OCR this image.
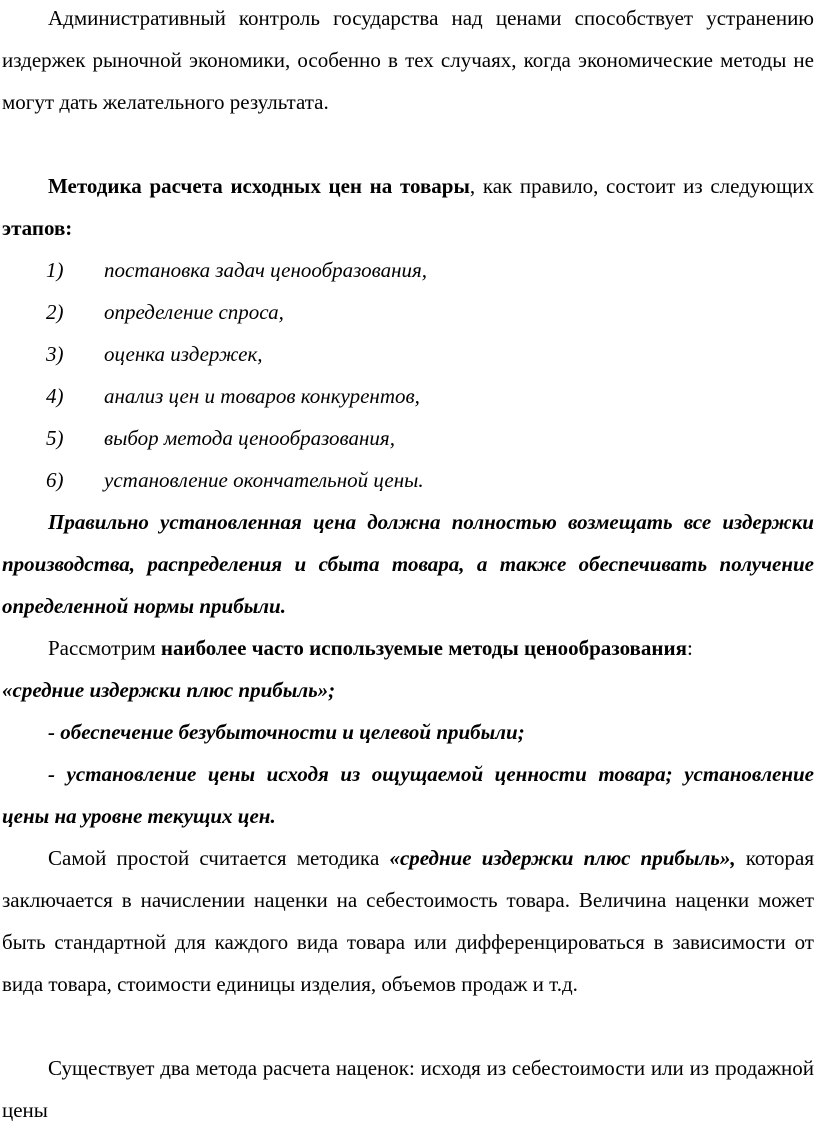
Административный контроль государства над ценами способствует устранению издержек рыночной экономики, особенно в тех случаях, когда экономические методы не могут дать желательного результата.
Методика расчета исходных цен на товары, как правило, состоит из следующих этапов:
1) постановка задач ценообразования,
2) определение спроса,
3) оценка издержек,
4) анализ цен и товаров конкурентов,
5) выбор метода ценообразования,
6) установление окончательной цены.
Правильно установленная цена должна полностью возмещать все издержки производства, распределения и сбыта товара, а также обеспечивать получение определенной нормы прибыли.
Рассмотрим наиболее часто используемые методы ценообразования:
«средние издержки плюс прибыль»;
- обеспечение безубыточности и целевой прибыли;
- установление цены исходя из ощущаемой ценности товара; установление цены на уровне текущих цен.
Самой простой считается методика «средние издержки плюс прибыль», которая заключается в начислении наценки на себестоимость товара. Величина наценки может быть стандартной для каждого вида товара или дифференцироваться в зависимости от вида товара, стоимости единицы изделия, объемов продаж и т.д.
Существует два метода расчета наценок: исходя из себестоимости или из продажной цены
